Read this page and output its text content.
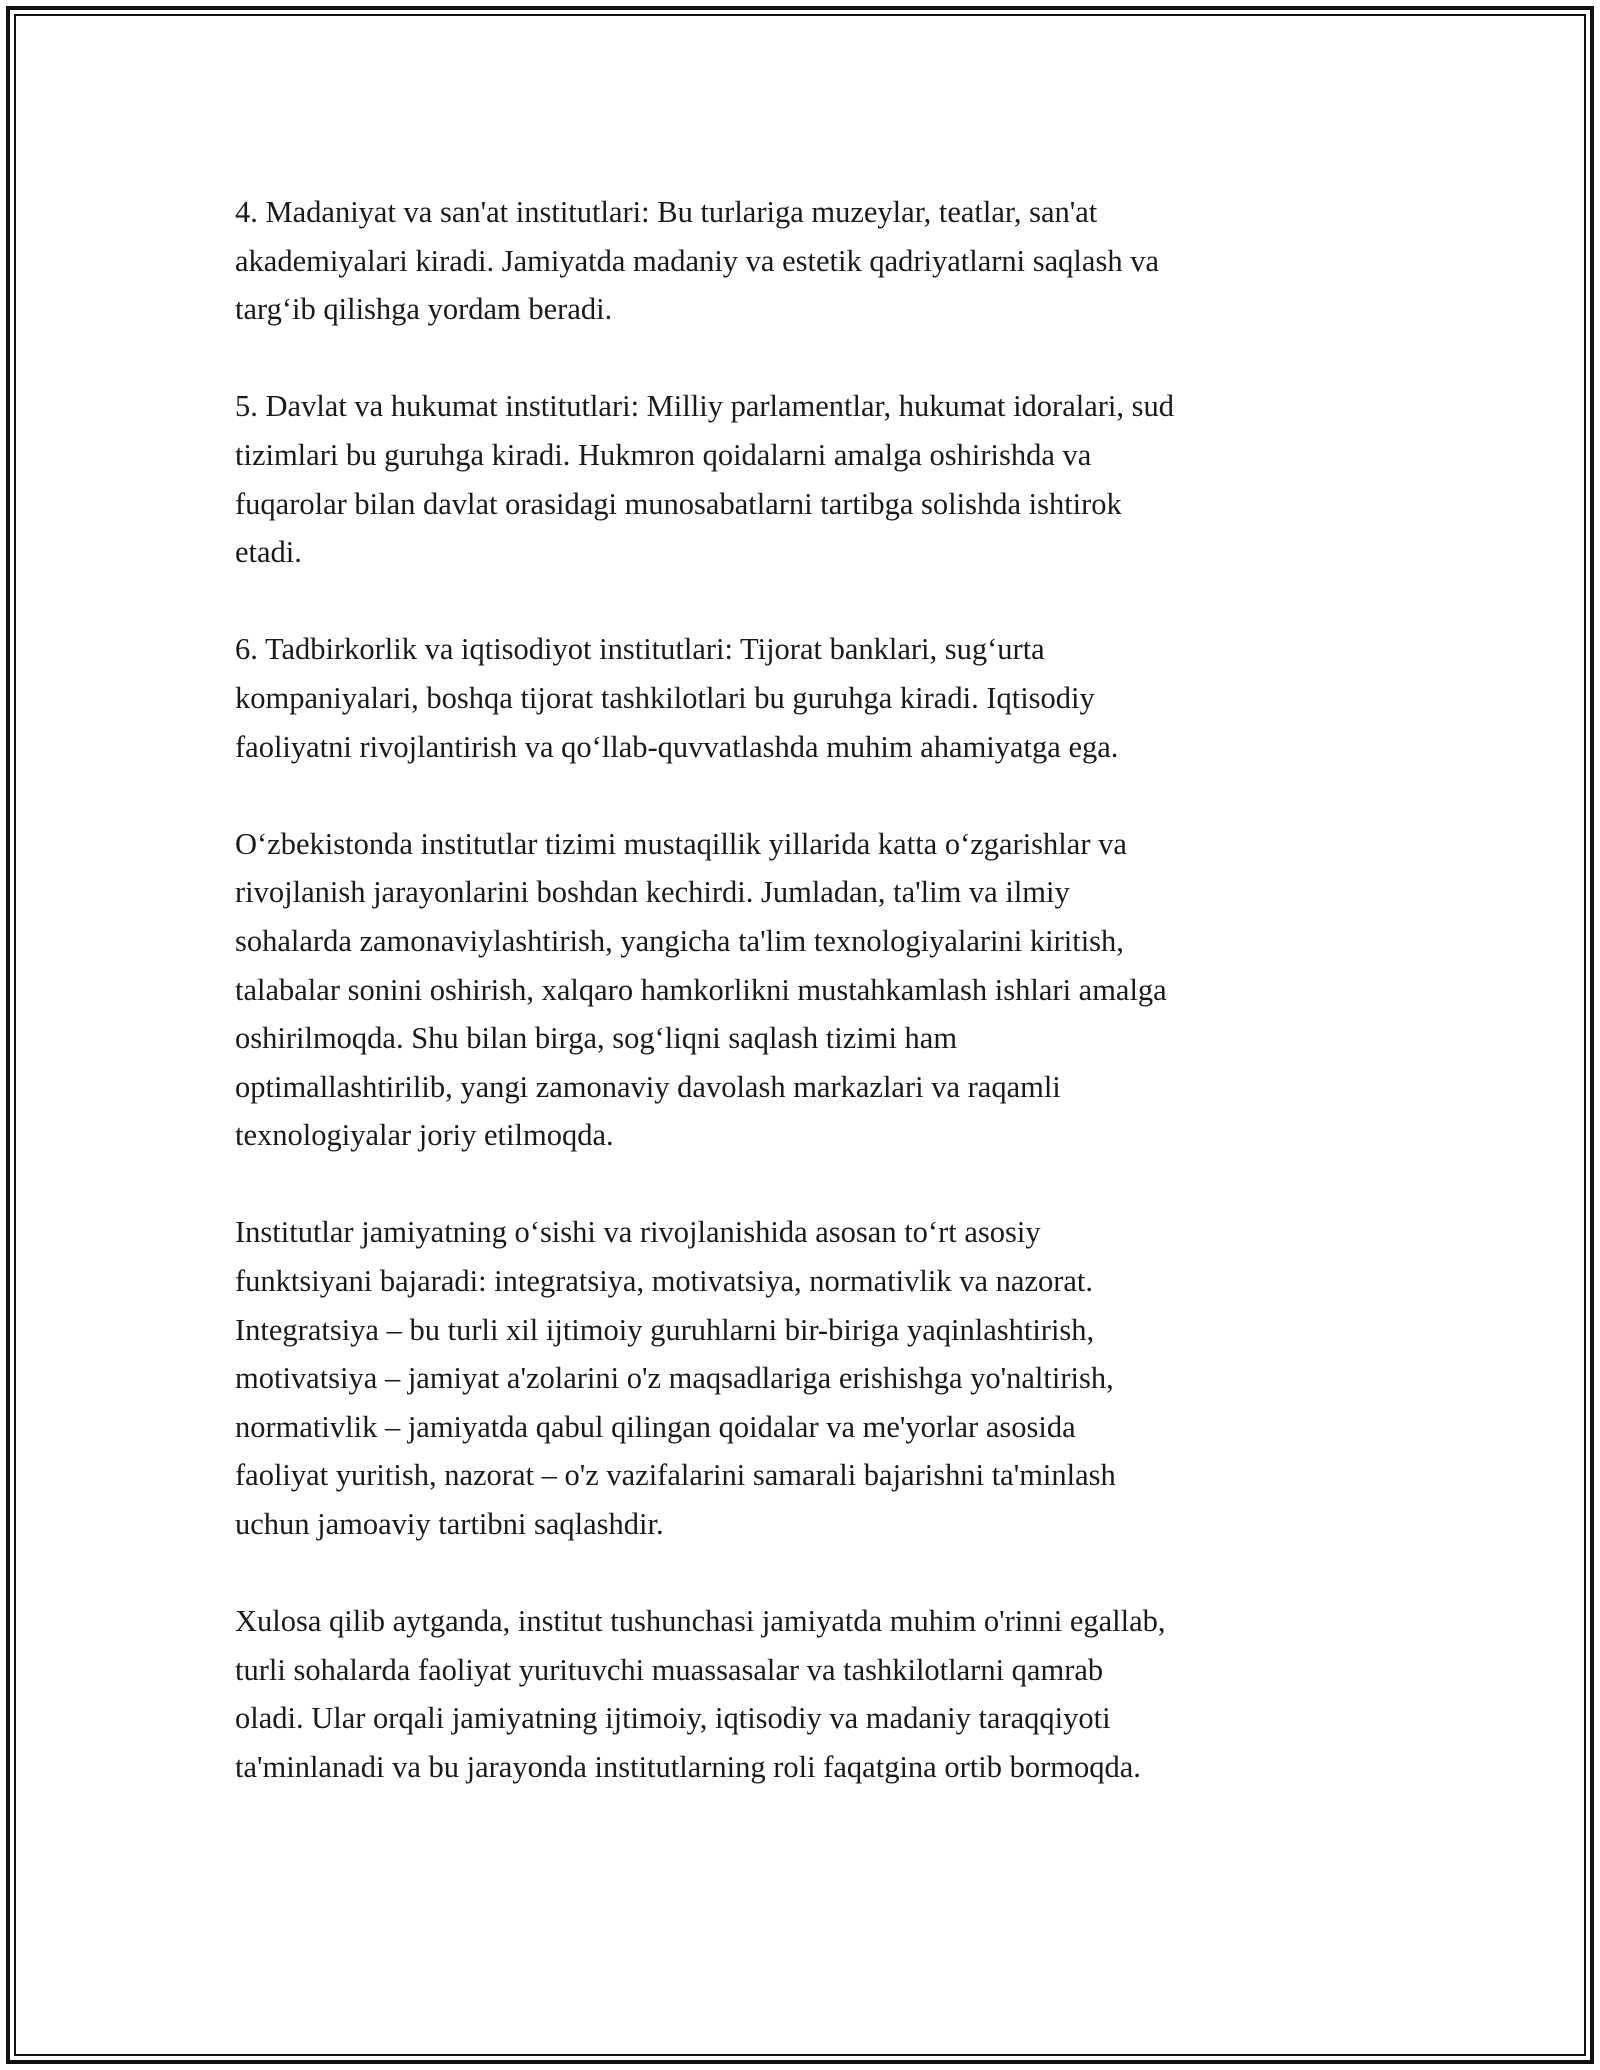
4. Madaniyat va san'at institutlari: Bu turlariga muzeylar, teatlar, san'at
akademiyalari kiradi. Jamiyatda madaniy va estetik qadriyatlarni saqlash va
targ‘ib qilishga yordam beradi.

5. Davlat va hukumat institutlari: Milliy parlamentlar, hukumat idoralari, sud
tizimlari bu guruhga kiradi. Hukmron qoidalarni amalga oshirishda va
fuqarolar bilan davlat orasidagi munosabatlarni tartibga solishda ishtirok
etadi.

6. Tadbirkorlik va iqtisodiyot institutlari: Tijorat banklari, sug‘urta
kompaniyalari, boshqa tijorat tashkilotlari bu guruhga kiradi. Iqtisodiy
faoliyatni rivojlantirish va qo‘llab-quvvatlashda muhim ahamiyatga ega.

O‘zbekistonda institutlar tizimi mustaqillik yillarida katta o‘zgarishlar va
rivojlanish jarayonlarini boshdan kechirdi. Jumladan, ta'lim va ilmiy
sohalarda zamonaviylashtirish, yangicha ta'lim texnologiyalarini kiritish,
talabalar sonini oshirish, xalqaro hamkorlikni mustahkamlash ishlari amalga
oshirilmoqda. Shu bilan birga, sog‘liqni saqlash tizimi ham
optimallashtirilib, yangi zamonaviy davolash markazlari va raqamli
texnologiyalar joriy etilmoqda.

Institutlar jamiyatning o‘sishi va rivojlanishida asosan to‘rt asosiy
funktsiyani bajaradi: integratsiya, motivatsiya, normativlik va nazorat.
Integratsiya – bu turli xil ijtimoiy guruhlarni bir-biriga yaqinlashtirish,
motivatsiya – jamiyat a'zolarini o'z maqsadlariga erishishga yo'naltirish,
normativlik – jamiyatda qabul qilingan qoidalar va me'yorlar asosida
faoliyat yuritish, nazorat – o'z vazifalarini samarali bajarishni ta'minlash
uchun jamoaviy tartibni saqlashdir.

Xulosa qilib aytganda, institut tushunchasi jamiyatda muhim o'rinni egallab,
turli sohalarda faoliyat yurituvchi muassasalar va tashkilotlarni qamrab
oladi. Ular orqali jamiyatning ijtimoiy, iqtisodiy va madaniy taraqqiyoti
ta'minlanadi va bu jarayonda institutlarning roli faqatgina ortib bormoqda.
